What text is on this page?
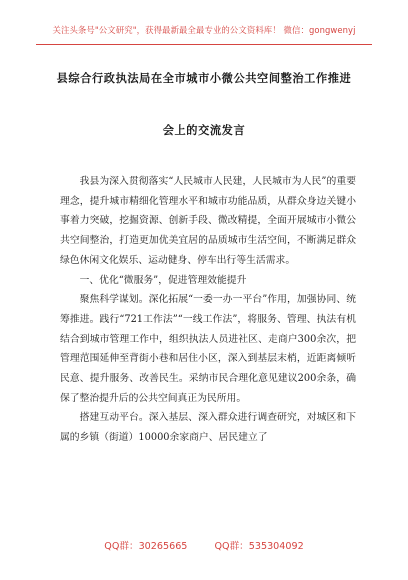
关注头条号"公文研究"，获得最新最全最专业的公文资料库！ 微信：gongwenyj
县综合行政执法局在全市城市小微公共空间整治工作推进
会上的交流发言

我县为深入贯彻落实“人民城市人民建，人民城市为人民”的重要理念，提升城市精细化管理水平和城市功能品质，从群众身边关键小事着力突破，挖掘资源、创新手段、微改精提，全面开展城市小微公共空间整治，打造更加优美宜居的品质城市生活空间，不断满足群众绿色休闲文化娱乐、运动健身、停车出行等生活需求。

一、优化“微服务”，促进管理效能提升

聚焦科学谋划。深化拓展“一委一办一平台”作用，加强协同、统筹推进。践行“721工作法”“一线工作法”，将服务、管理、执法有机结合到城市管理工作中，组织执法人员进社区、走商户300余次，把管理范围延伸至背街小巷和居住小区，深入到基层末梢，近距离倾听民意、提升服务、改善民生。采纳市民合理化意见建议200余条，确保了整治提升后的公共空间真正为民所用。

搭建互动平台。深入基层、深入群众进行调查研究，对城区和下属的乡镇（街道）10000余家商户、居民建立了

QQ群：30265665	QQ群：535304092
